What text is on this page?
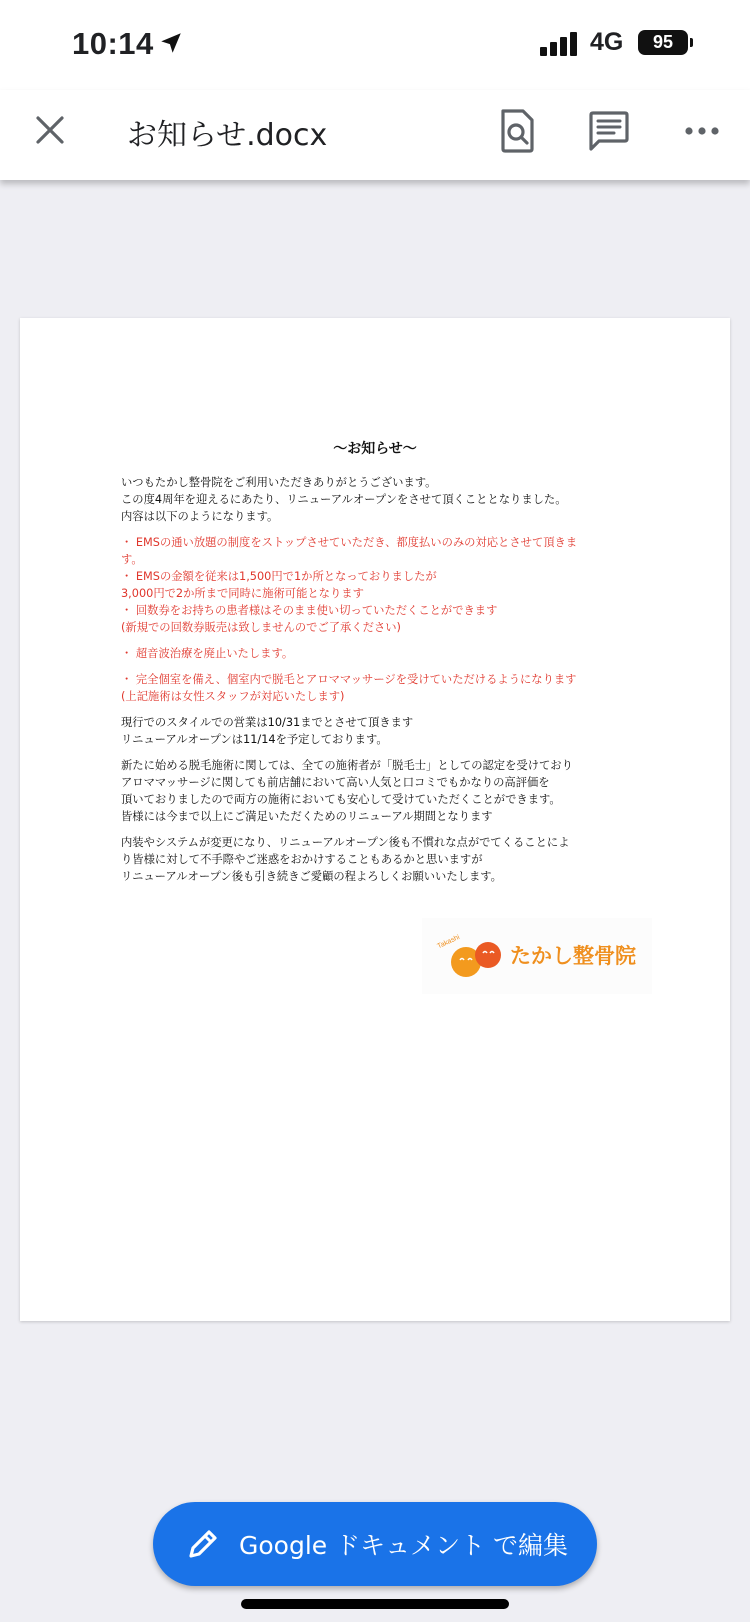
10:14	4G	95
お知らせ.docx
～お知らせ～

いつもたかし整骨院をご利用いただきありがとうございます。

この度4周年を迎えるにあたり、リニューアルオープンをさせて頂くこととなりました。

内容は以下のようになります。

・ EMSの通い放題の制度をストップさせていただき、都度払いのみの対応とさせて頂きま

す。

・ EMSの金額を従来は1,500円で1か所となっておりましたが

3,000円で2か所まで同時に施術可能となります

・ 回数券をお持ちの患者様はそのまま使い切っていただくことができます

(新規での回数券販売は致しませんのでご了承ください)

・ 超音波治療を廃止いたします。

・ 完全個室を備え、個室内で脱毛とアロママッサージを受けていただけるようになります

(上記施術は女性スタッフが対応いたします)

現行でのスタイルでの営業は10/31までとさせて頂きます

リニューアルオープンは11/14を予定しております。

新たに始める脱毛施術に関しては、全ての施術者が「脱毛士」としての認定を受けており

アロママッサージに関しても前店舗において高い人気と口コミでもかなりの高評価を

頂いておりましたので両方の施術においても安心して受けていただくことができます。

皆様には今まで以上にご満足いただくためのリニューアル期間となります

内装やシステムが変更になり、リニューアルオープン後も不慣れな点がでてくることによ

り皆様に対して不手際やご迷惑をおかけすることもあるかと思いますが

リニューアルオープン後も引き続きご愛顧の程よろしくお願いいたします。

Takashi
たかし整骨院
Google ドキュメント で編集
